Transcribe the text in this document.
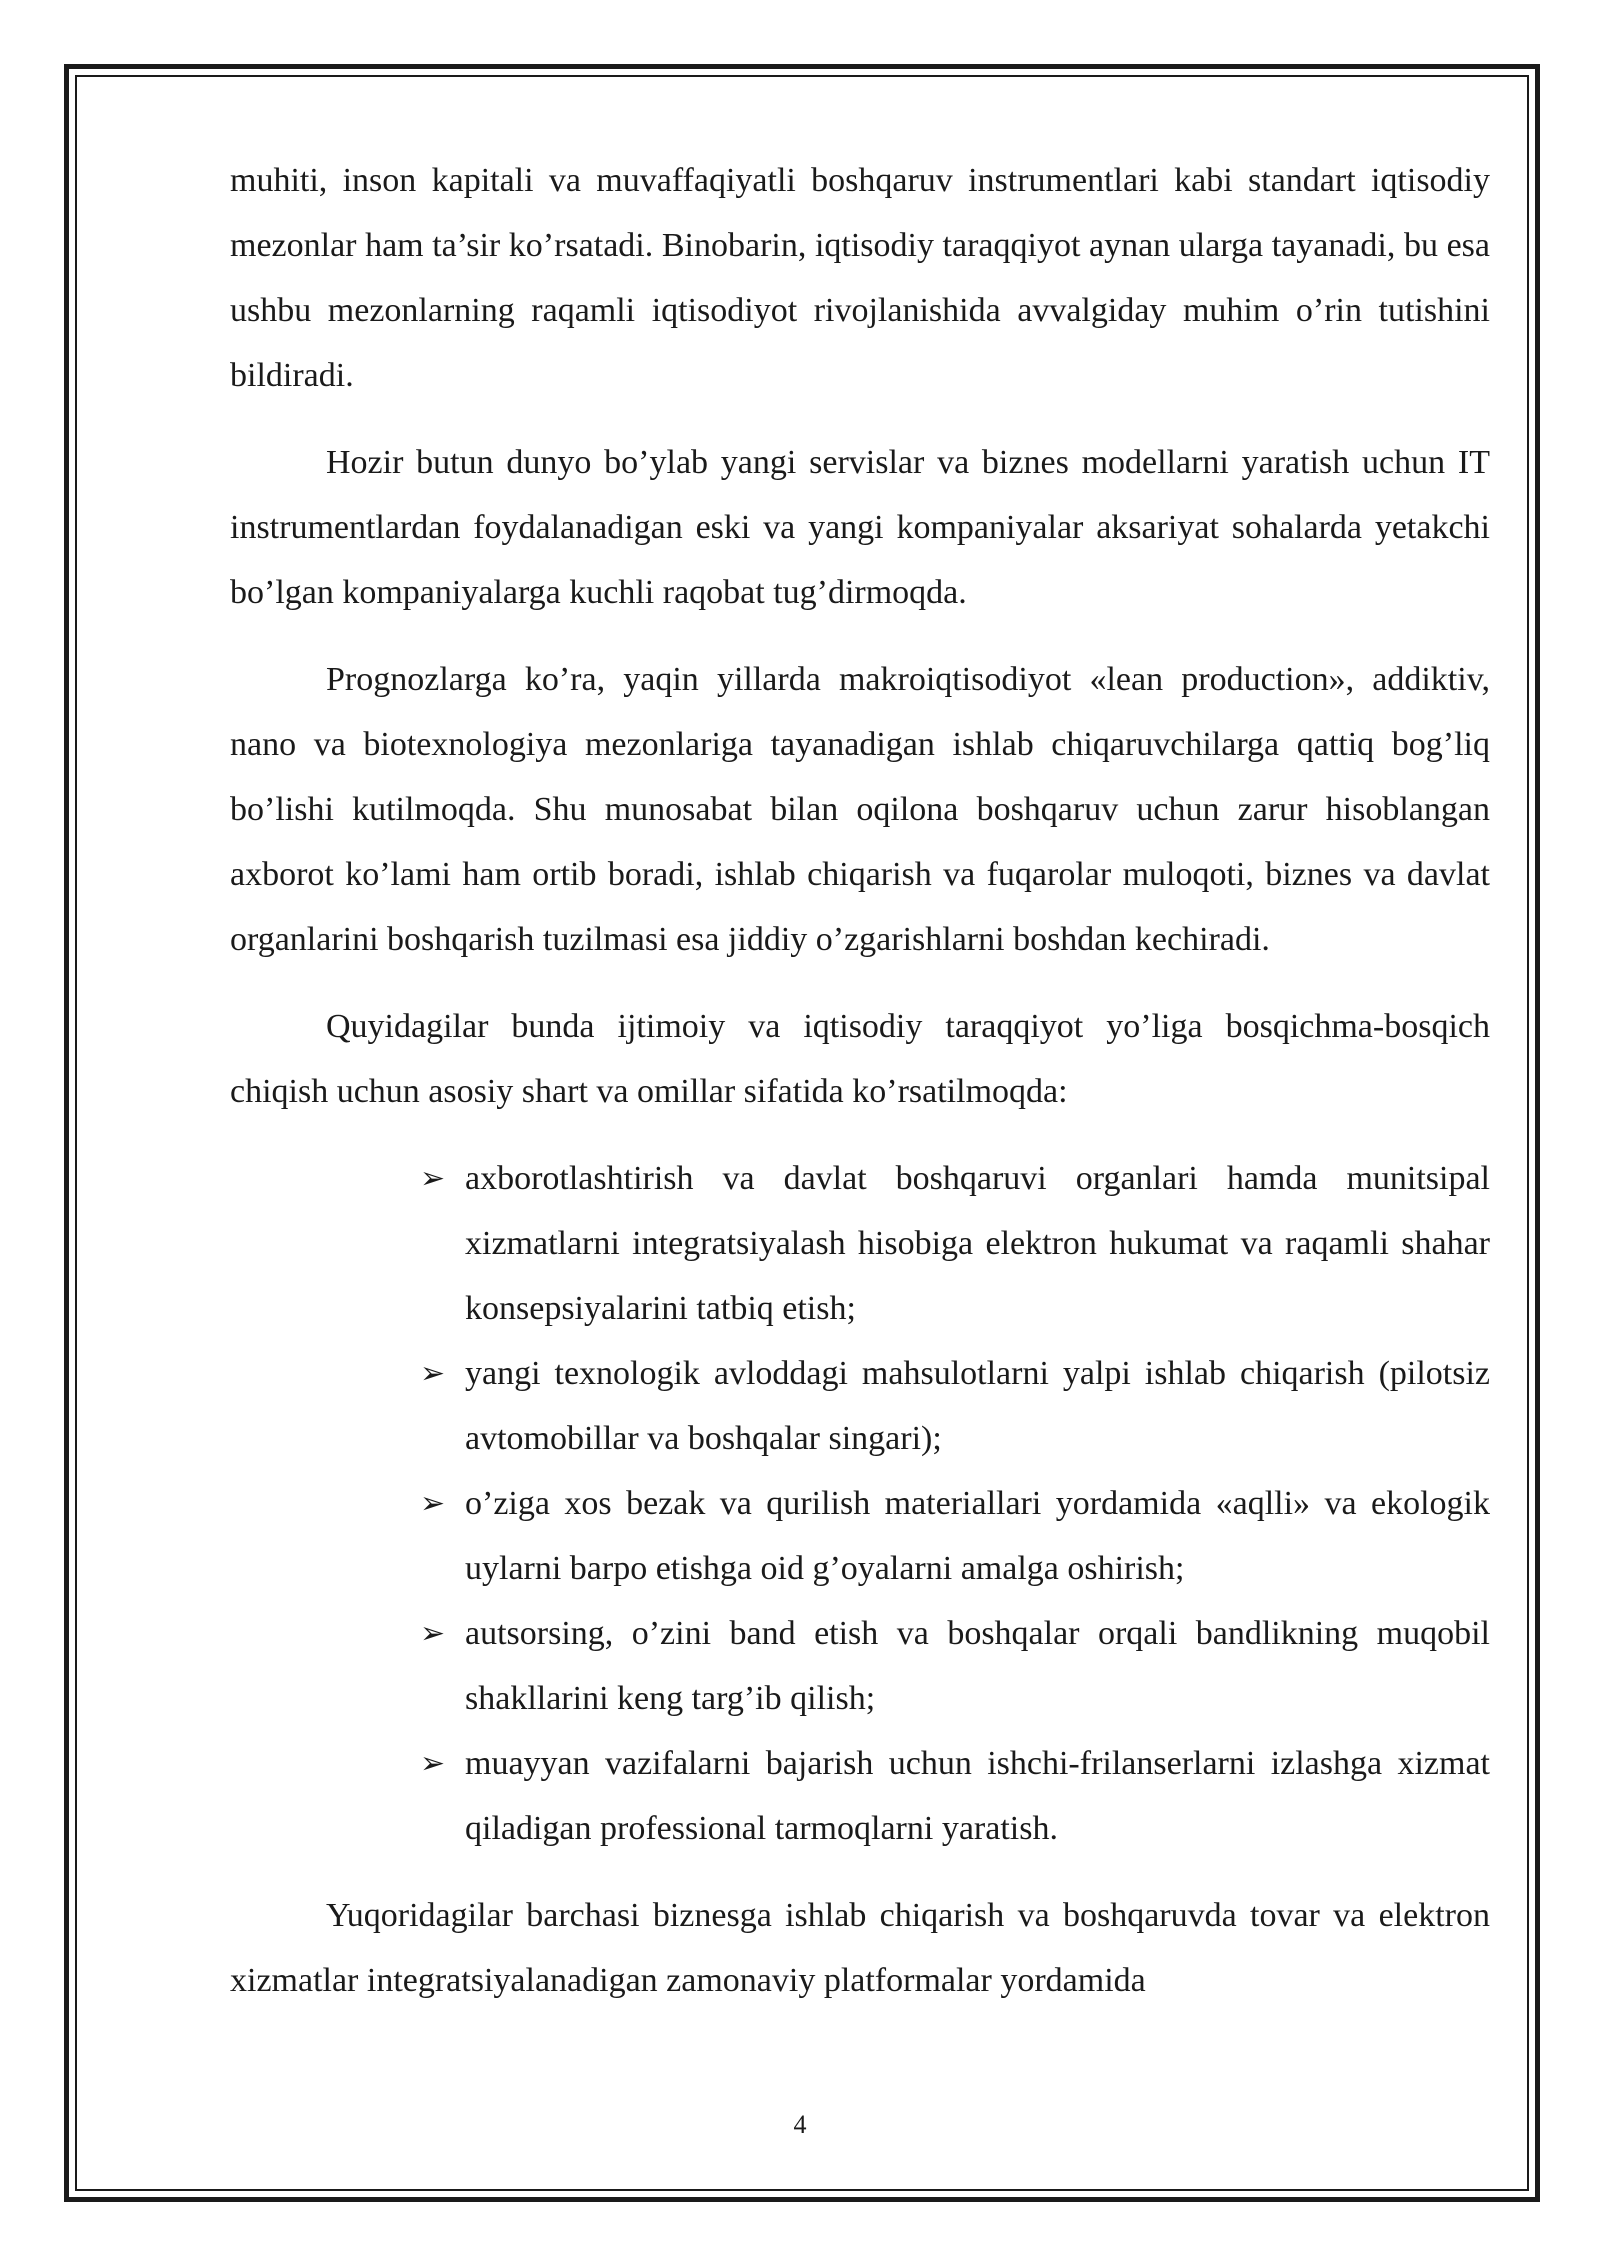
muhiti, inson kapitali va muvaffaqiyatli boshqaruv instrumentlari kabi standart iqtisodiy mezonlar ham ta’sir ko’rsatadi. Binobarin, iqtisodiy taraqqiyot aynan ularga tayanadi, bu esa ushbu mezonlarning raqamli iqtisodiyot rivojlanishida avvalgiday muhim o’rin tutishini bildiradi.

Hozir butun dunyo bo’ylab yangi servislar va biznes modellarni yaratish uchun IT instrumentlardan foydalanadigan eski va yangi kompaniyalar aksariyat sohalarda yetakchi bo’lgan kompaniyalarga kuchli raqobat tug’dirmoqda.

Prognozlarga ko’ra, yaqin yillarda makroiqtisodiyot «lean production», addiktiv, nano va biotexnologiya mezonlariga tayanadigan ishlab chiqaruvchilarga qattiq bog’liq bo’lishi kutilmoqda. Shu munosabat bilan oqilona boshqaruv uchun zarur hisoblangan axborot ko’lami ham ortib boradi, ishlab chiqarish va fuqarolar muloqoti, biznes va davlat organlarini boshqarish tuzilmasi esa jiddiy o’zgarishlarni boshdan kechiradi.

Quyidagilar bunda ijtimoiy va iqtisodiy taraqqiyot yo’liga bosqichma-bosqich chiqish uchun asosiy shart va omillar sifatida ko’rsatilmoqda:

➢ axborotlashtirish va davlat boshqaruvi organlari hamda munitsipal xizmatlarni integratsiyalash hisobiga elektron hukumat va raqamli shahar konsepsiyalarini tatbiq etish;
➢ yangi texnologik avloddagi mahsulotlarni yalpi ishlab chiqarish (pilotsiz avtomobillar va boshqalar singari);
➢ o’ziga xos bezak va qurilish materiallari yordamida «aqlli» va ekologik uylarni barpo etishga oid g’oyalarni amalga oshirish;
➢ autsorsing, o’zini band etish va boshqalar orqali bandlikning muqobil shakllarini keng targ’ib qilish;
➢ muayyan vazifalarni bajarish uchun ishchi-frilanserlarni izlashga xizmat qiladigan professional tarmoqlarni yaratish.

Yuqoridagilar barchasi biznesga ishlab chiqarish va boshqaruvda tovar va elektron xizmatlar integratsiyalanadigan zamonaviy platformalar yordamida

4
